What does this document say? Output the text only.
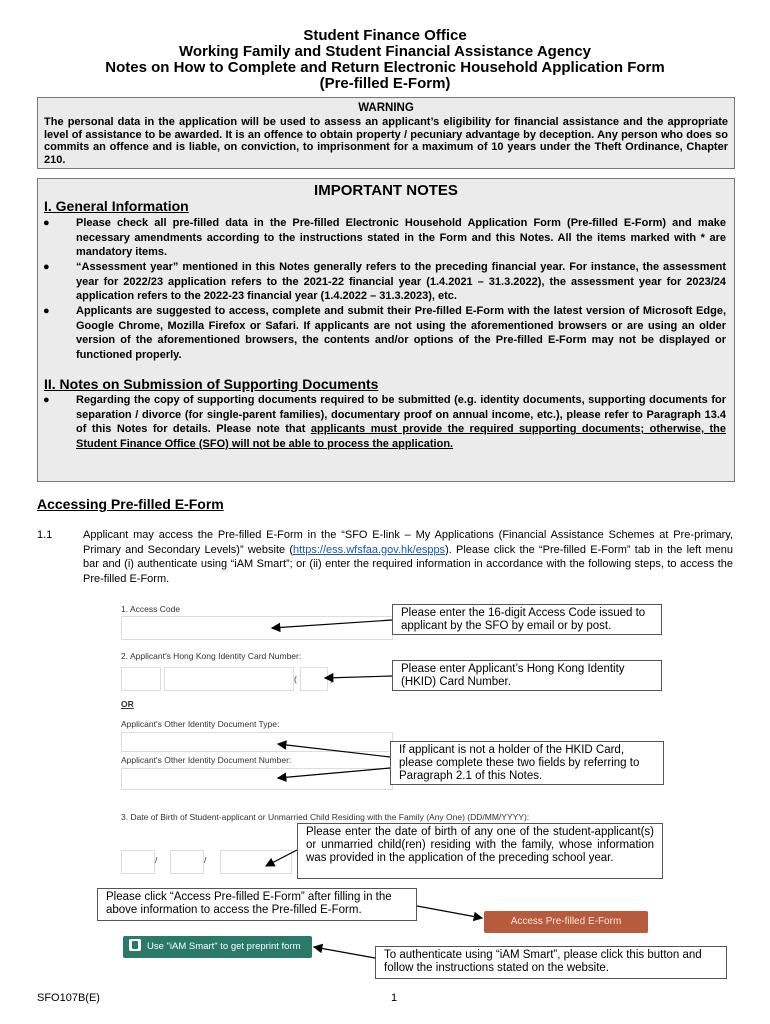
Student Finance Office
Working Family and Student Financial Assistance Agency
Notes on How to Complete and Return Electronic Household Application Form
(Pre-filled E-Form)
WARNING
The personal data in the application will be used to assess an applicant’s eligibility for financial assistance and the appropriate level of assistance to be awarded. It is an offence to obtain property / pecuniary advantage by deception. Any person who does so commits an offence and is liable, on conviction, to imprisonment for a maximum of 10 years under the Theft Ordinance, Chapter 210.
IMPORTANT NOTES
I. General Information
● Please check all pre-filled data in the Pre-filled Electronic Household Application Form (Pre-filled E-Form) and make necessary amendments according to the instructions stated in the Form and this Notes. All the items marked with * are mandatory items.
● “Assessment year” mentioned in this Notes generally refers to the preceding financial year. For instance, the assessment year for 2022/23 application refers to the 2021-22 financial year (1.4.2021 – 31.3.2022), the assessment year for 2023/24 application refers to the 2022-23 financial year (1.4.2022 – 31.3.2023), etc.
● Applicants are suggested to access, complete and submit their Pre-filled E-Form with the latest version of Microsoft Edge, Google Chrome, Mozilla Firefox or Safari. If applicants are not using the aforementioned browsers or are using an older version of the aforementioned browsers, the contents and/or options of the Pre-filled E-Form may not be displayed or functioned properly.
II. Notes on Submission of Supporting Documents
● Regarding the copy of supporting documents required to be submitted (e.g. identity documents, supporting documents for separation / divorce (for single-parent families), documentary proof on annual income, etc.), please refer to Paragraph 13.4 of this Notes for details. Please note that applicants must provide the required supporting documents; otherwise, the Student Finance Office (SFO) will not be able to process the application.
Accessing Pre-filled E-Form
1.1	Applicant may access the Pre-filled E-Form in the “SFO E-link – My Applications (Financial Assistance Schemes at Pre-primary, Primary and Secondary Levels)” website (https://ess.wfsfaa.gov.hk/espps). Please click the “Pre-filled E-Form” tab in the left menu bar and (i) authenticate using “iAM Smart”; or (ii) enter the required information in accordance with the following steps, to access the Pre-filled E-Form.
1. Access Code
2. Applicant's Hong Kong Identity Card Number:
(	)
OR
Applicant's Other Identity Document Type:
Applicant's Other Identity Document Number:
3. Date of Birth of Student-applicant or Unmarried Child Residing with the Family (Any One) (DD/MM/YYYY):
/	/
Access Pre-filled E-Form
Use "iAM Smart" to get preprint form
Please enter the 16-digit Access Code issued to applicant by the SFO by email or by post.
Please enter Applicant’s Hong Kong Identity (HKID) Card Number.
If applicant is not a holder of the HKID Card, please complete these two fields by referring to Paragraph 2.1 of this Notes.
Please enter the date of birth of any one of the student-applicant(s) or unmarried child(ren) residing with the family, whose information was provided in the application of the preceding school year.
Please click “Access Pre-filled E-Form” after filling in the above information to access the Pre-filled E-Form.
To authenticate using “iAM Smart”, please click this button and follow the instructions stated on the website.
SFO107B(E)	1
